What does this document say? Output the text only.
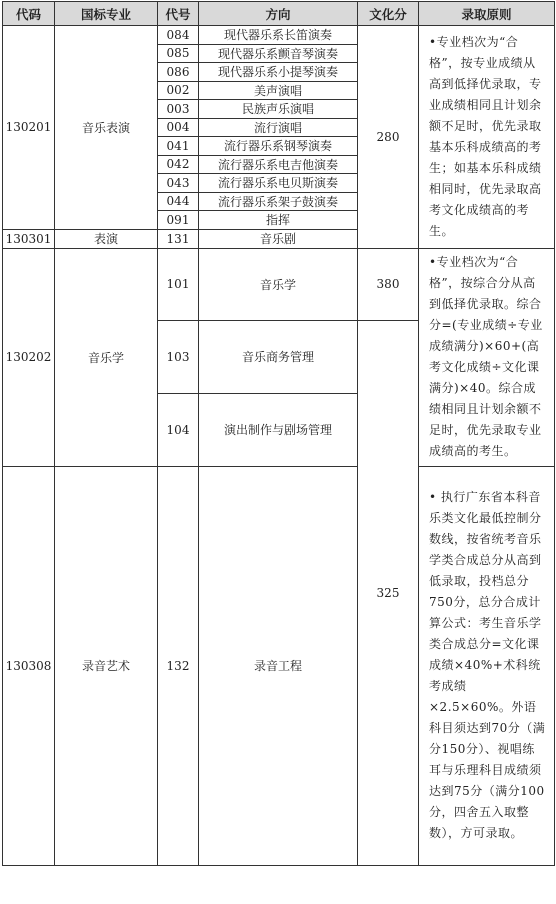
代码	国标专业	代号	方向	文化分	录取原则
130201	音乐表演	084	现代器乐系长笛演奏	280	•专业档次为“合格”，按专业成绩从高到低择优录取，专业成绩相同且计划余额不足时，优先录取基本乐科成绩高的考生；如基本乐科成绩相同时，优先录取高考文化成绩高的考生。
		085	现代器乐系颤音琴演奏		
		086	现代器乐系小提琴演奏		
		002	美声演唱		
		003	民族声乐演唱		
		004	流行演唱		
		041	流行器乐系钢琴演奏		
		042	流行器乐系电吉他演奏		
		043	流行器乐系电贝斯演奏		
		044	流行器乐系架子鼓演奏		
		091	指挥		
130301	表演	131	音乐剧		
130202	音乐学	101	音乐学	380	•专业档次为“合格”，按综合分从高到低择优录取。综合分=(专业成绩÷专业成绩满分)×60+(高考文化成绩÷文化课满分)×40。综合成绩相同且计划余额不足时，优先录取专业成绩高的考生。
		103	音乐商务管理	325	
		104	演出制作与剧场管理		
130308	录音艺术	132	录音工程		• 执行广东省本科音乐类文化最低控制分数线，按省统考音乐学类合成总分从高到低录取，投档总分750分，总分合成计算公式：考生音乐学类合成总分=文化课成绩×40%+术科统考成绩×2.5×60%。外语科目须达到70分（满分150分）、视唱练耳与乐理科目成绩须达到75分（满分100分，四舍五入取整数），方可录取。
